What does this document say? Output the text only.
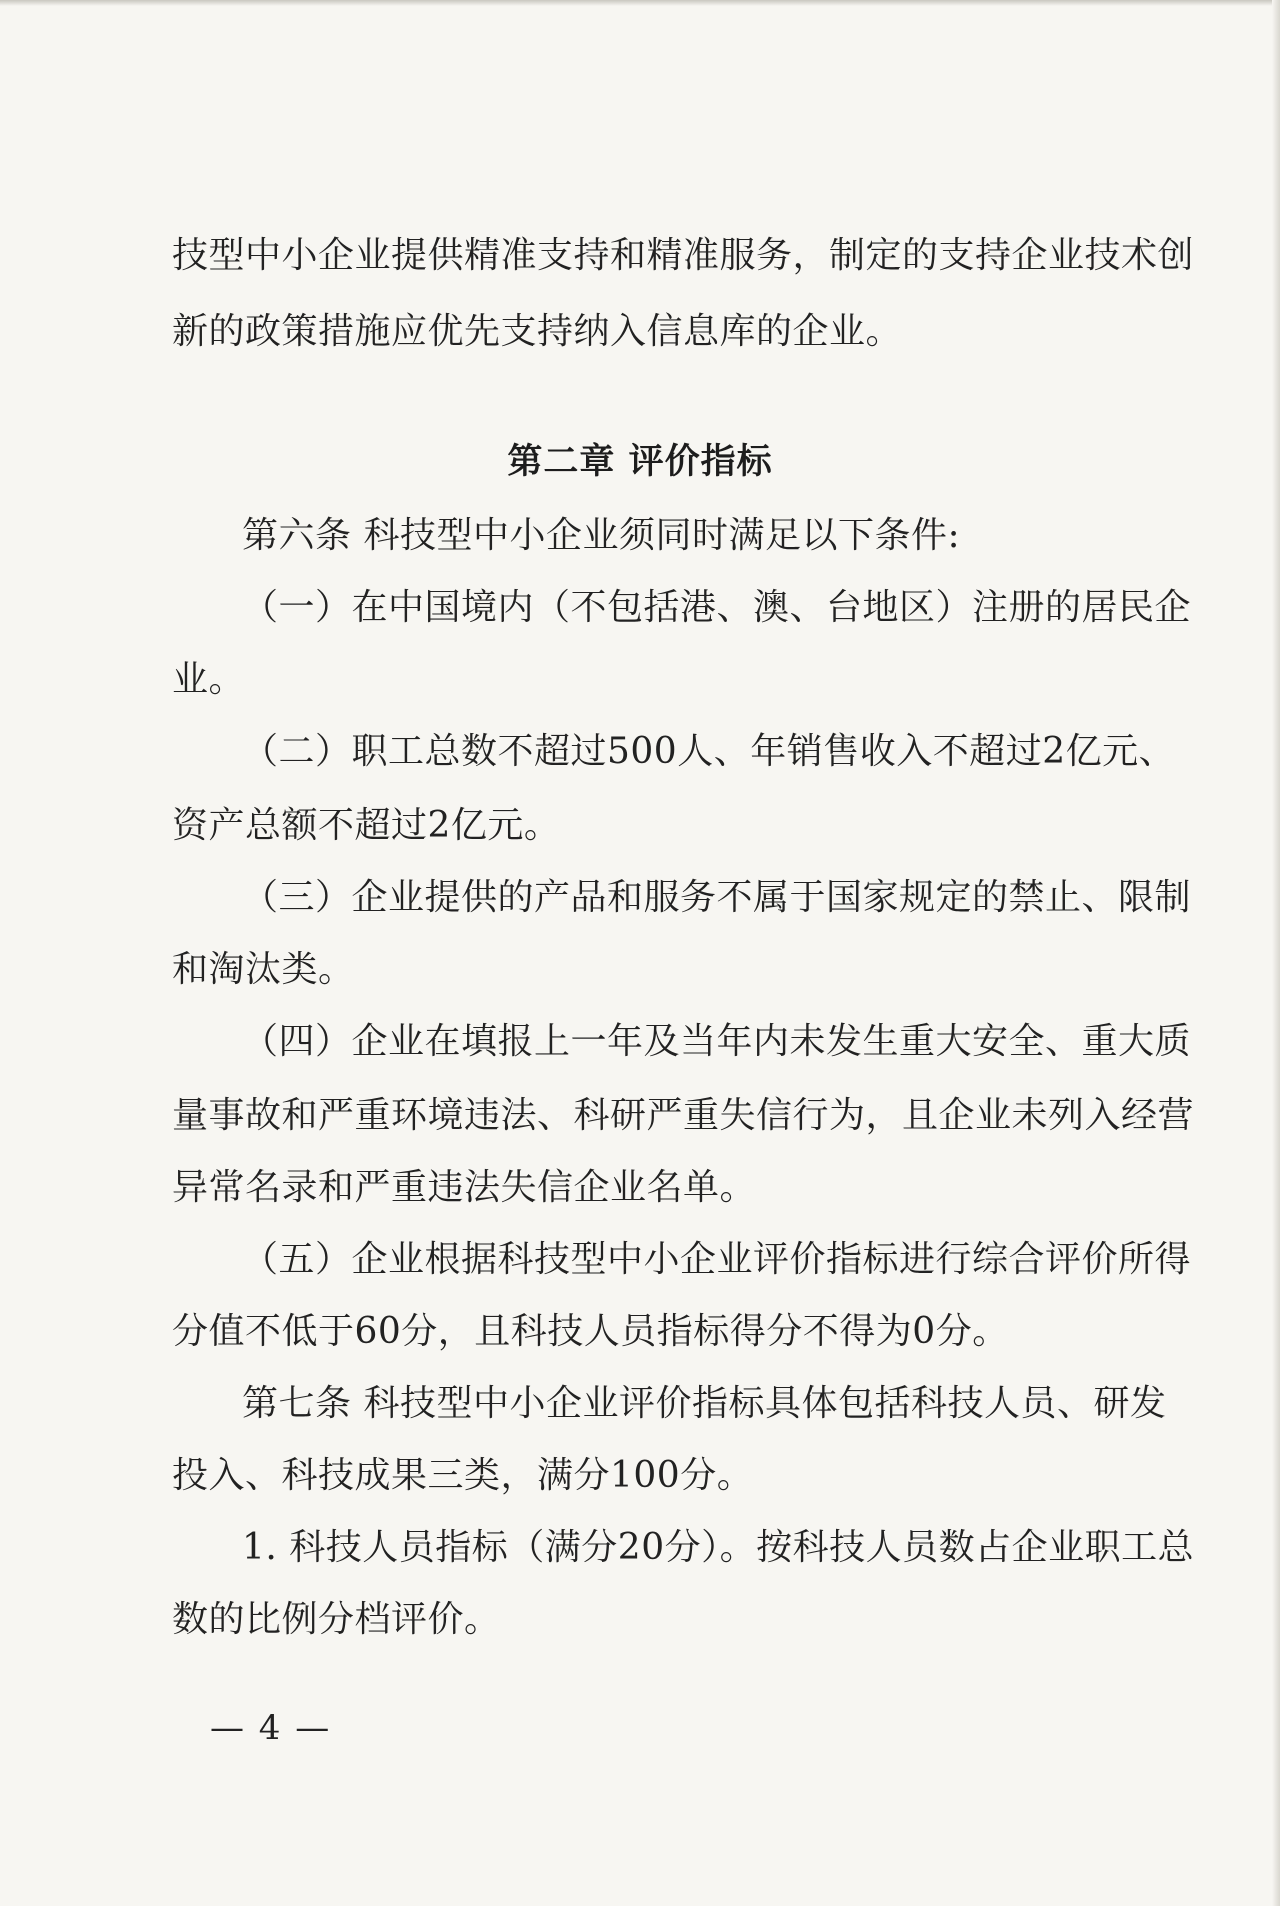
技型中小企业提供精准支持和精准服务，制定的支持企业技术创

新的政策措施应优先支持纳入信息库的企业。

第六条 科技型中小企业须同时满足以下条件:

（一）在中国境内（不包括港、澳、台地区）注册的居民企

业。

（二）职工总数不超过500人、年销售收入不超过2亿元、

资产总额不超过2亿元。

（三）企业提供的产品和服务不属于国家规定的禁止、限制

和淘汰类。

（四）企业在填报上一年及当年内未发生重大安全、重大质

量事故和严重环境违法、科研严重失信行为，且企业未列入经营

异常名录和严重违法失信企业名单。

（五）企业根据科技型中小企业评价指标进行综合评价所得

分值不低于60分，且科技人员指标得分不得为0分。

第七条 科技型中小企业评价指标具体包括科技人员、研发

投入、科技成果三类，满分100分。

1. 科技人员指标（满分20分）。按科技人员数占企业职工总

数的比例分档评价。

第二章 评价指标
— 4 —
